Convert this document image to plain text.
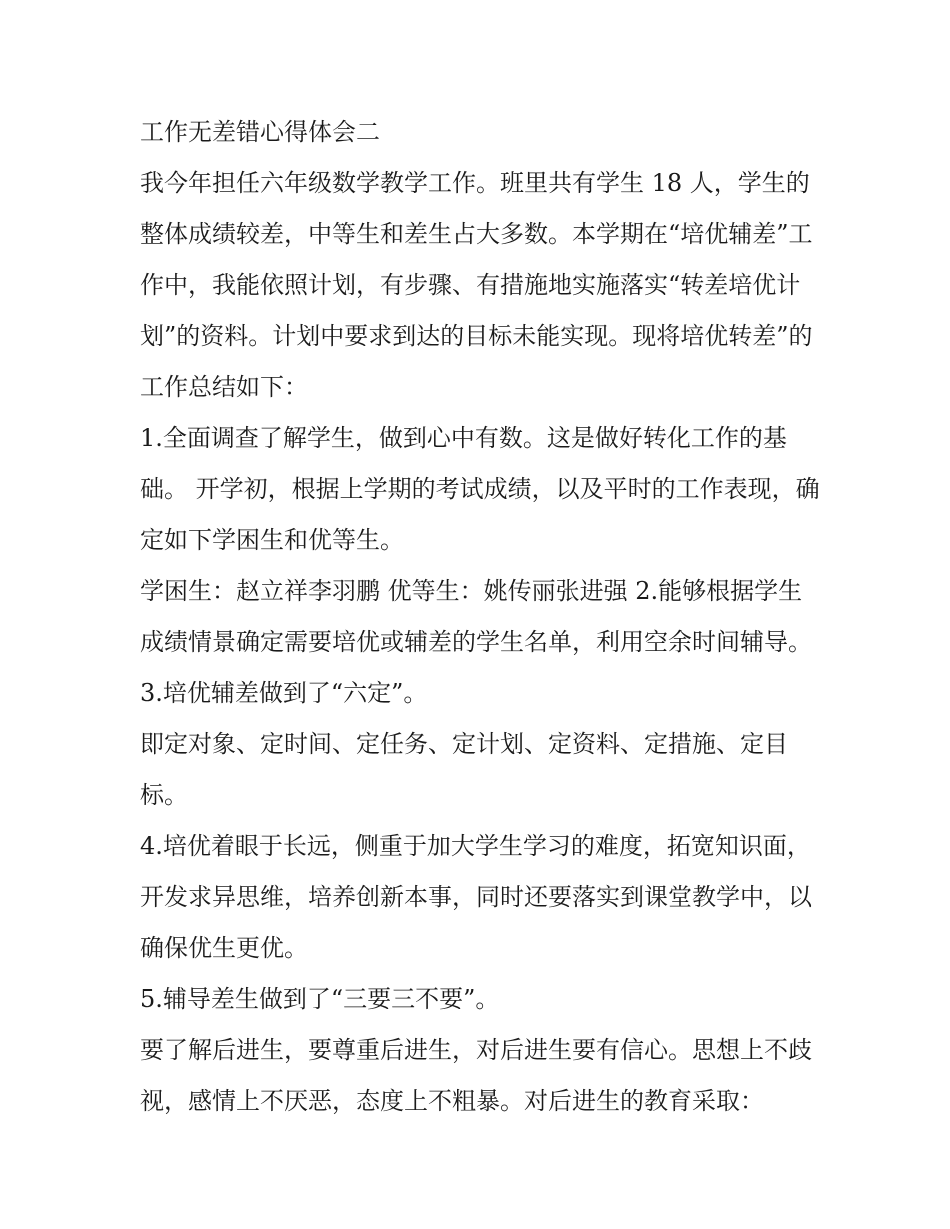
工作无差错心得体会二

我今年担任六年级数学教学工作。班里共有学生 18 人，学生的整体成绩较差，中等生和差生占大多数。本学期在“培优辅差”工作中，我能依照计划，有步骤、有措施地实施落实“转差培优计划”的资料。计划中要求到达的目标未能实现。现将培优转差”的工作总结如下：

1.全面调查了解学生，做到心中有数。这是做好转化工作的基础。 开学初，根据上学期的考试成绩，以及平时的工作表现，确定如下学困生和优等生。

学困生：赵立祥李羽鹏 优等生：姚传丽张进强 2.能够根据学生成绩情景确定需要培优或辅差的学生名单，利用空余时间辅导。 3.培优辅差做到了“六定”。

即定对象、定时间、定任务、定计划、定资料、定措施、定目标。

4.培优着眼于长远，侧重于加大学生学习的难度，拓宽知识面，开发求异思维，培养创新本事，同时还要落实到课堂教学中，以确保优生更优。

5.辅导差生做到了“三要三不要”。

要了解后进生，要尊重后进生，对后进生要有信心。思想上不歧视，感情上不厌恶，态度上不粗暴。对后进生的教育采取：
